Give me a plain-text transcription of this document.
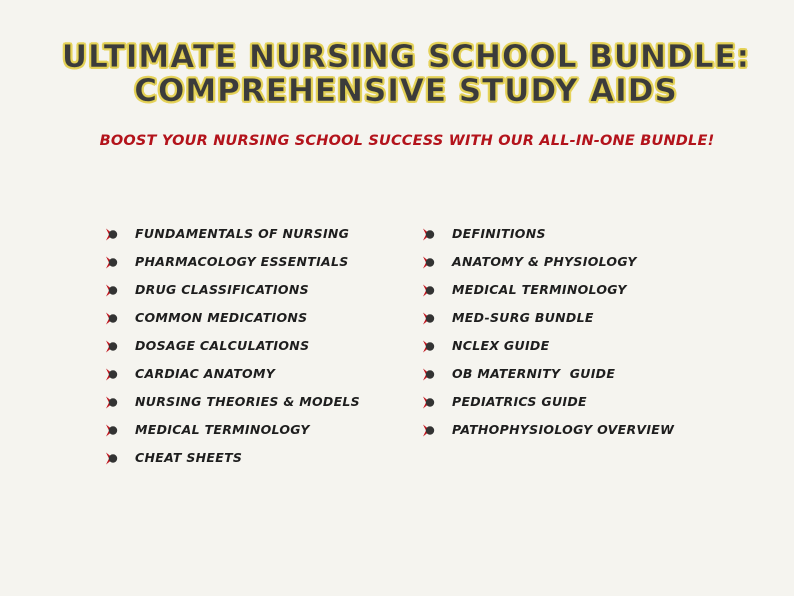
ULTIMATE NURSING SCHOOL BUNDLE:
COMPREHENSIVE STUDY AIDS
BOOST YOUR NURSING SCHOOL SUCCESS WITH OUR ALL-IN-ONE BUNDLE!
FUNDAMENTALS OF NURSING
PHARMACOLOGY ESSENTIALS
DRUG CLASSIFICATIONS
COMMON MEDICATIONS
DOSAGE CALCULATIONS
CARDIAC ANATOMY
NURSING THEORIES & MODELS
MEDICAL TERMINOLOGY
CHEAT SHEETS
DEFINITIONS
ANATOMY & PHYSIOLOGY
MEDICAL TERMINOLOGY
MED-SURG BUNDLE
NCLEX GUIDE
OB MATERNITY  GUIDE
PEDIATRICS GUIDE
PATHOPHYSIOLOGY OVERVIEW
